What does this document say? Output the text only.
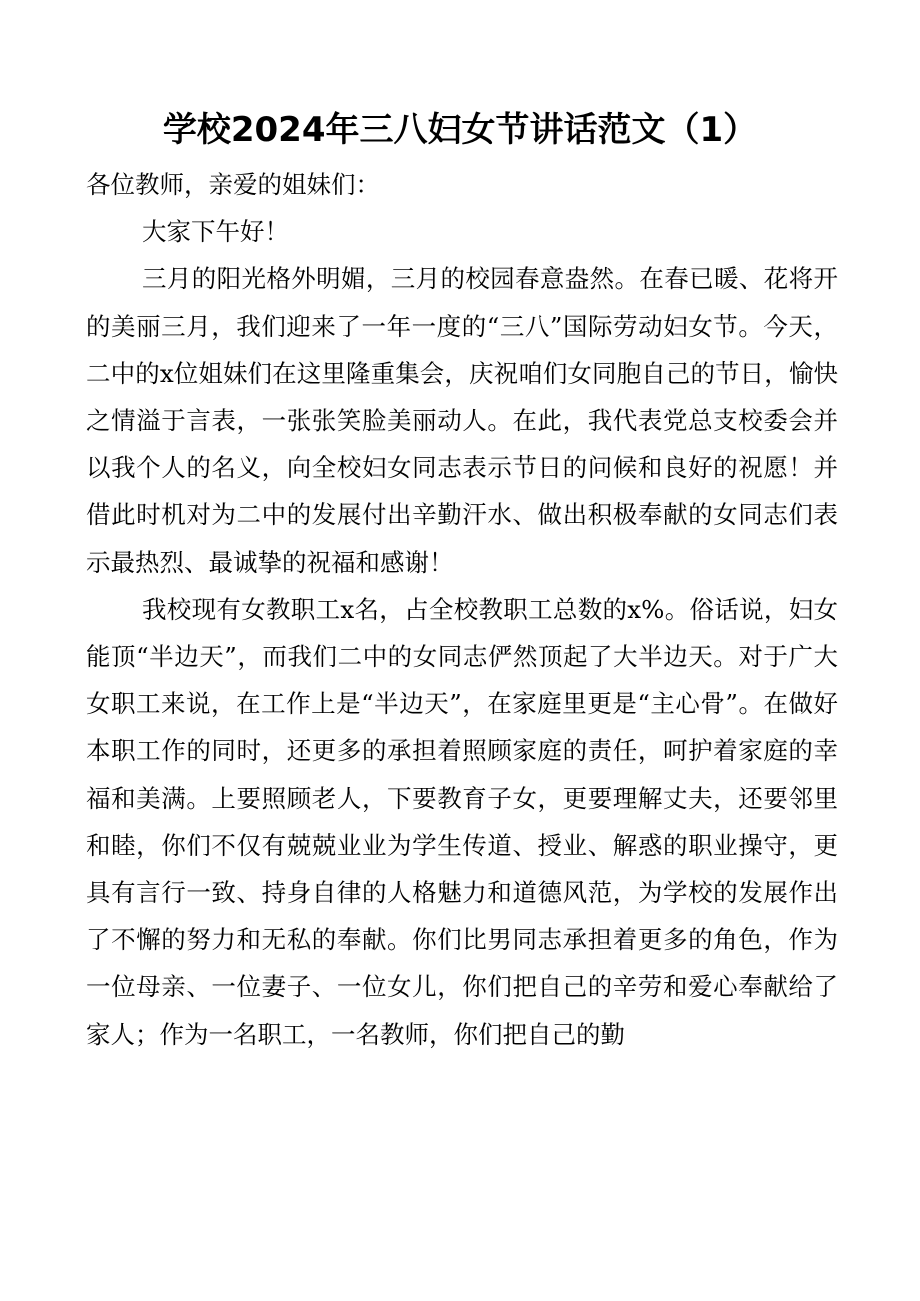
学校2024年三八妇女节讲话范文（1）

各位教师，亲爱的姐妹们：

大家下午好！

三月的阳光格外明媚，三月的校园春意盎然。在春已暖、花将开的美丽三月，我们迎来了一年一度的“三八”国际劳动妇女节。今天，二中的x位姐妹们在这里隆重集会，庆祝咱们女同胞自己的节日，愉快之情溢于言表，一张张笑脸美丽动人。在此，我代表党总支校委会并以我个人的名义，向全校妇女同志表示节日的问候和良好的祝愿！并借此时机对为二中的发展付出辛勤汗水、做出积极奉献的女同志们表示最热烈、最诚挚的祝福和感谢！

我校现有女教职工x名，占全校教职工总数的x%。俗话说，妇女能顶“半边天”，而我们二中的女同志俨然顶起了大半边天。对于广大女职工来说，在工作上是“半边天”，在家庭里更是“主心骨”。在做好本职工作的同时，还更多的承担着照顾家庭的责任，呵护着家庭的幸福和美满。上要照顾老人，下要教育子女，更要理解丈夫，还要邻里和睦，你们不仅有兢兢业业为学生传道、授业、解惑的职业操守，更具有言行一致、持身自律的人格魅力和道德风范，为学校的发展作出了不懈的努力和无私的奉献。你们比男同志承担着更多的角色，作为一位母亲、一位妻子、一位女儿，你们把自己的辛劳和爱心奉献给了家人；作为一名职工，一名教师，你们把自己的勤
